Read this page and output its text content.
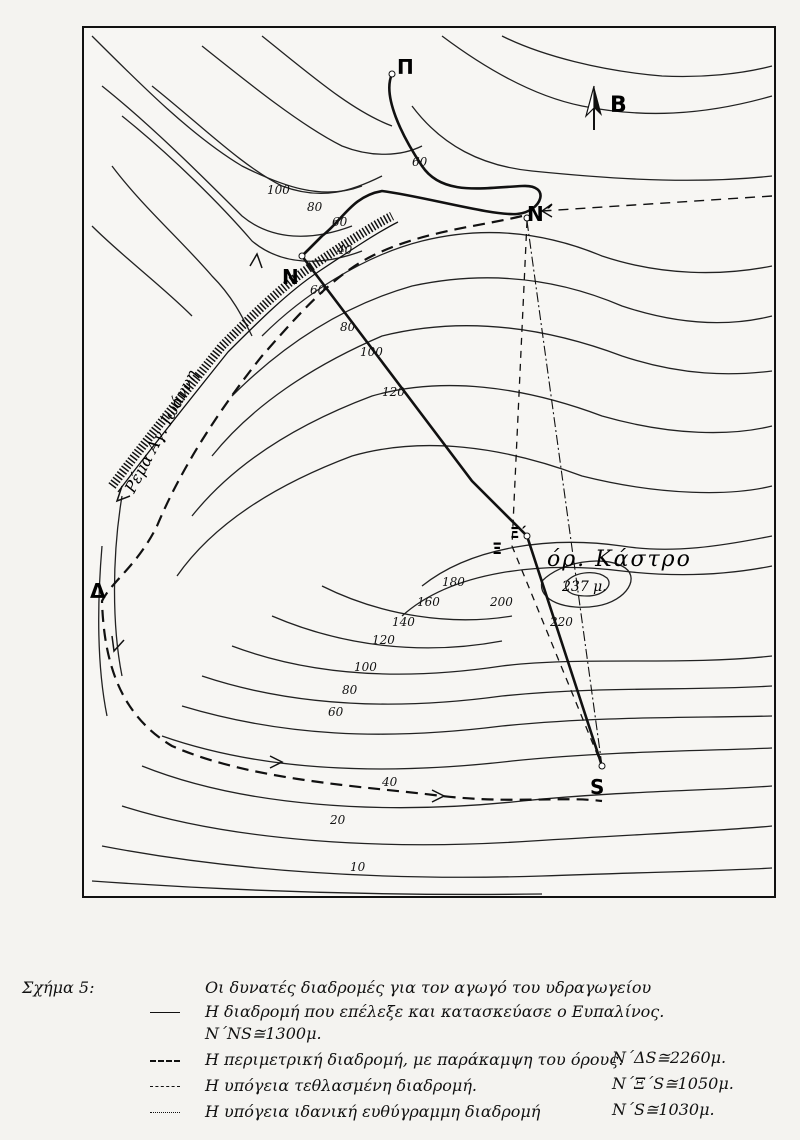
Ρέμα Αγ. Ιωάννη
Β
Π
Ν΄
Ν
Ξ
Ξ΄
Δ
S
όρ. Κάστρο
237 μ.
60
100
80
60
40
60
80
100
120
180
160
140
120
100
80
60
40
20
10
200
220
Σχήμα 5:	Οι δυνατές διαδρομές για τον αγωγό του υδραγωγείου
Η διαδρομή που επέλεξε και κατασκεύασε ο Ευπαλίνος.
Ν΄ΝS≅1300μ.
Η περιμετρική διαδρομή, με παράκαμψη του όρους.
Ν΄ΔS≅2260μ.
Η υπόγεια τεθλασμένη διαδρομή.	Ν΄Ξ΄S≅1050μ.
Η υπόγεια ιδανική ευθύγραμμη διαδρομή	Ν΄S≅1030μ.
